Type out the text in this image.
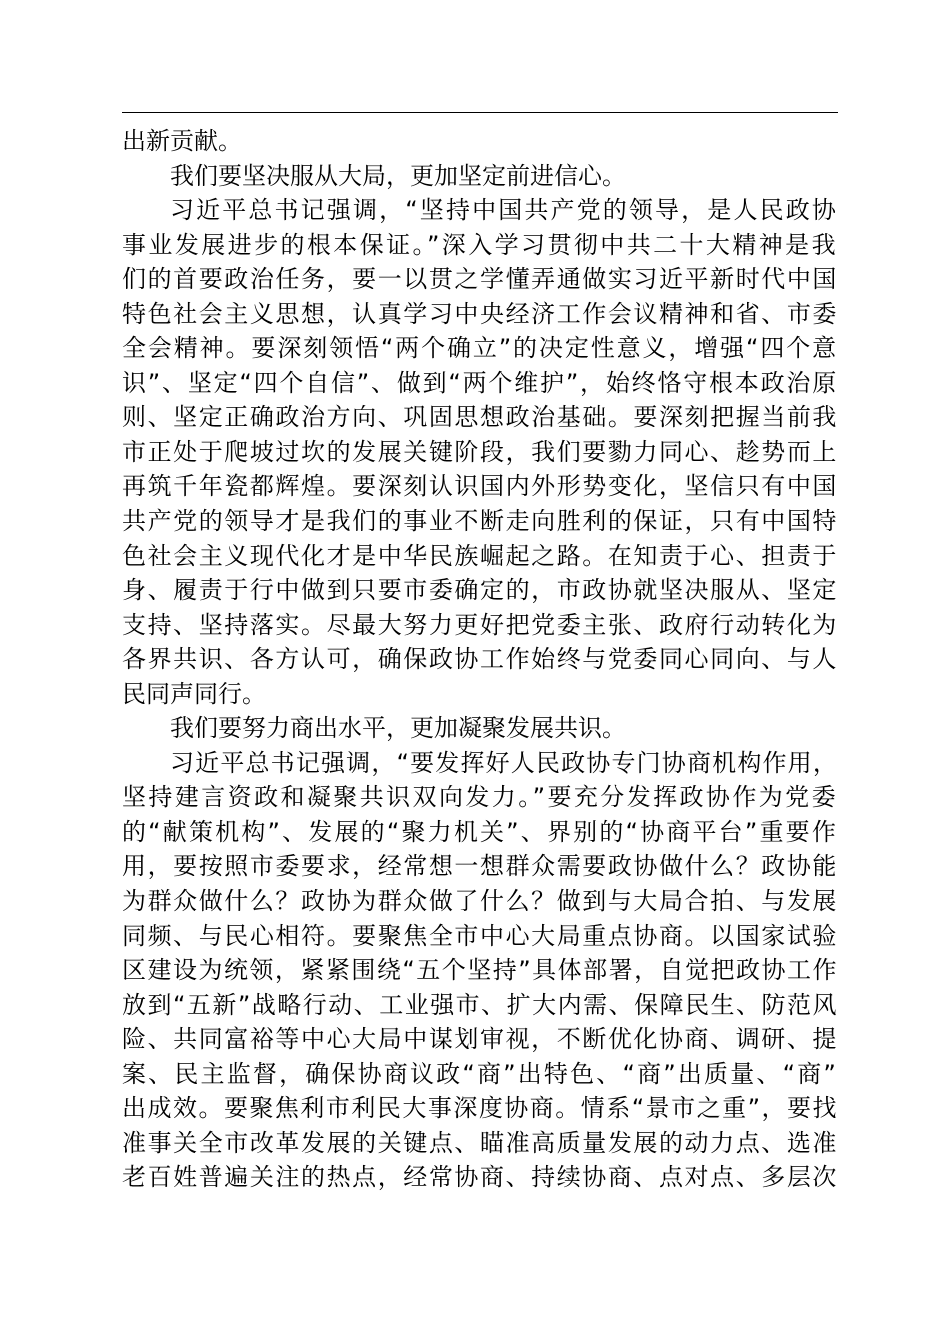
出新贡献。
我们要坚决服从大局，更加坚定前进信心。
习近平总书记强调，“坚持中国共产党的领导，是人民政协
事业发展进步的根本保证。”深入学习贯彻中共二十大精神是我
们的首要政治任务，要一以贯之学懂弄通做实习近平新时代中国
特色社会主义思想，认真学习中央经济工作会议精神和省、市委
全会精神。要深刻领悟“两个确立”的决定性意义，增强“四个意
识”、坚定“四个自信”、做到“两个维护”，始终恪守根本政治原
则、坚定正确政治方向、巩固思想政治基础。要深刻把握当前我
市正处于爬坡过坎的发展关键阶段，我们要勠力同心、趁势而上
再筑千年瓷都辉煌。要深刻认识国内外形势变化，坚信只有中国
共产党的领导才是我们的事业不断走向胜利的保证，只有中国特
色社会主义现代化才是中华民族崛起之路。在知责于心、担责于
身、履责于行中做到只要市委确定的，市政协就坚决服从、坚定
支持、坚持落实。尽最大努力更好把党委主张、政府行动转化为
各界共识、各方认可，确保政协工作始终与党委同心同向、与人
民同声同行。
我们要努力商出水平，更加凝聚发展共识。
习近平总书记强调，“要发挥好人民政协专门协商机构作用，
坚持建言资政和凝聚共识双向发力。”要充分发挥政协作为党委
的“献策机构”、发展的“聚力机关”、界别的“协商平台”重要作
用，要按照市委要求，经常想一想群众需要政协做什么？政协能
为群众做什么？政协为群众做了什么？做到与大局合拍、与发展
同频、与民心相符。要聚焦全市中心大局重点协商。以国家试验
区建设为统领，紧紧围绕“五个坚持”具体部署，自觉把政协工作
放到“五新”战略行动、工业强市、扩大内需、保障民生、防范风
险、共同富裕等中心大局中谋划审视，不断优化协商、调研、提
案、民主监督，确保协商议政“商”出特色、“商”出质量、“商”
出成效。要聚焦利市利民大事深度协商。情系“景市之重”，要找
准事关全市改革发展的关键点、瞄准高质量发展的动力点、选准
老百姓普遍关注的热点，经常协商、持续协商、点对点、多层次
